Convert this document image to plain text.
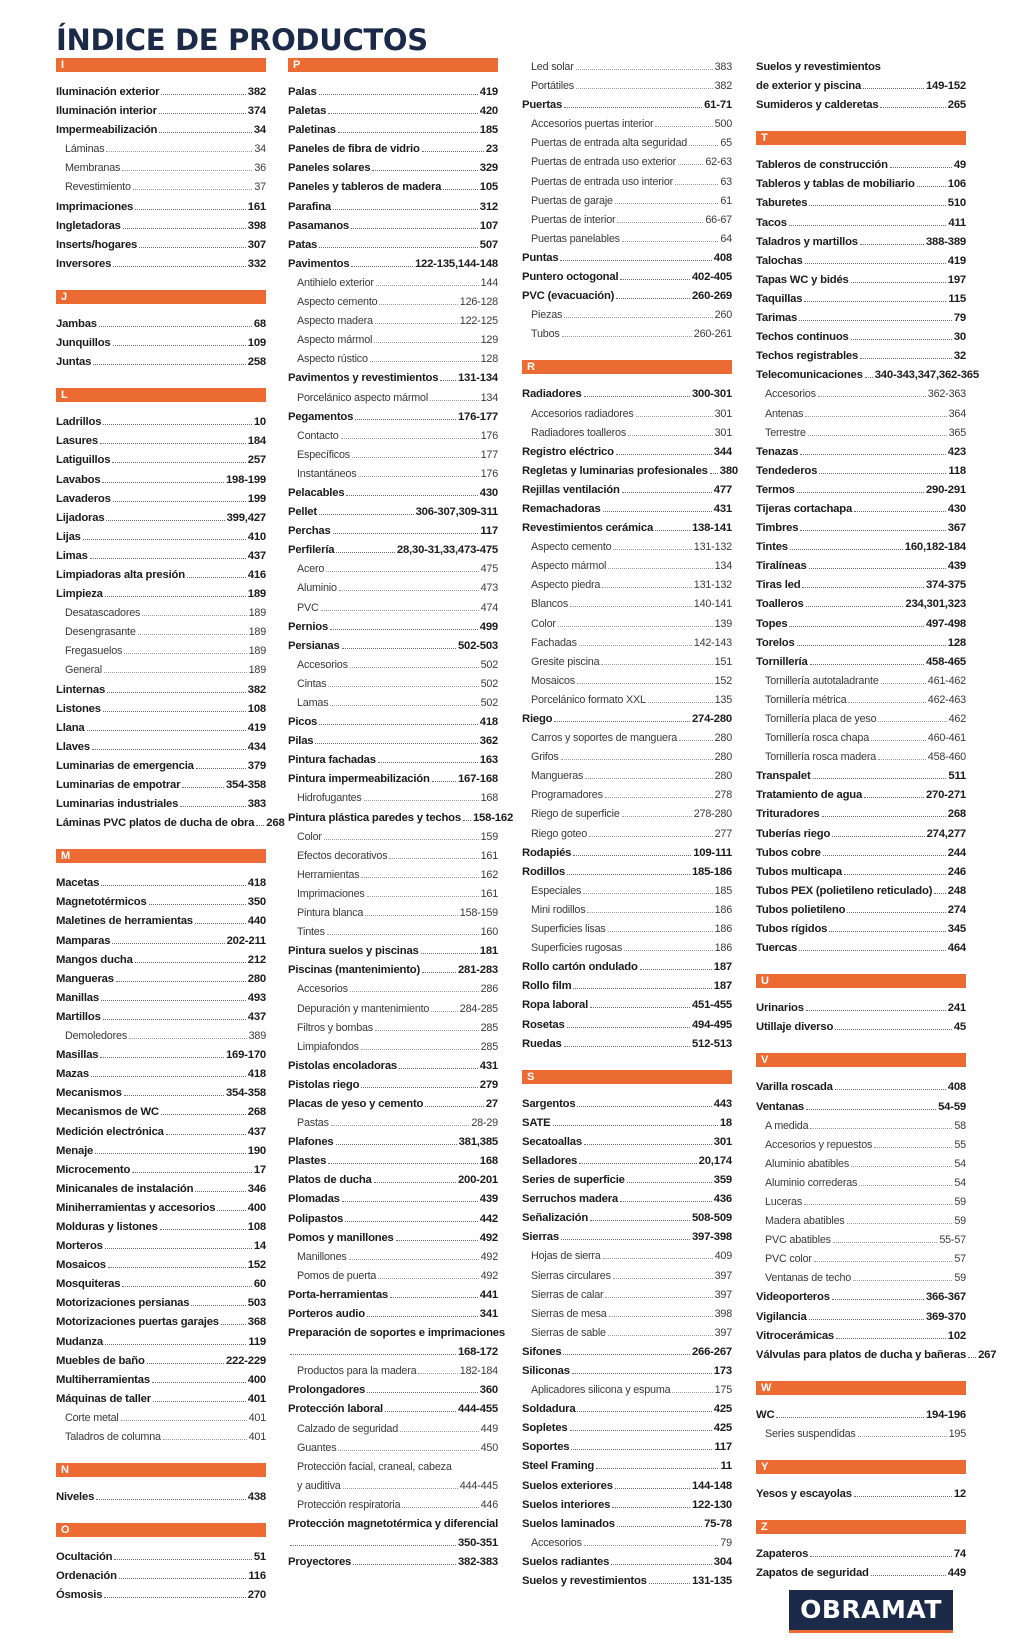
ÍNDICE DE PRODUCTOS
I
Iluminación exterior	382
Iluminación interior	374
Impermeabilización	34
Láminas	34
Membranas	36
Revestimiento	37
Imprimaciones	161
Ingletadoras	398
Inserts/hogares	307
Inversores	332
J
Jambas	68
Junquillos	109
Juntas	258
L
Ladrillos	10
Lasures	184
Latiguillos	257
Lavabos	198-199
Lavaderos	199
Lijadoras	399,427
Lijas	410
Limas	437
Limpiadoras alta presión	416
Limpieza	189
Desatascadores	189
Desengrasante	189
Fregasuelos	189
General	189
Linternas	382
Listones	108
Llana	419
Llaves	434
Luminarias de emergencia	379
Luminarias de empotrar	354-358
Luminarias industriales	383
Láminas PVC platos de ducha de obra 268
M
Macetas	418
Magnetotérmicos	350
Maletines de herramientas	440
Mamparas	202-211
Mangos ducha	212
Mangueras	280
Manillas	493
Martillos	437
Demoledores	389
Masillas	169-170
Mazas	418
Mecanismos	354-358
Mecanismos de WC	268
Medición electrónica	437
Menaje	190
Microcemento	17
Minicanales de instalación	346
Miniherramientas y accesorios	400
Molduras y listones	108
Morteros	14
Mosaicos	152
Mosquiteras	60
Motorizaciones persianas	503
Motorizaciones puertas garajes	368
Mudanza	119
Muebles de baño	222-229
Multiherramientas	400
Máquinas de taller	401
Corte metal	401
Taladros de columna	401
N
Niveles	438
O
Ocultación	51
Ordenación	116
Ósmosis	270
P
Palas	419
Paletas	420
Paletinas	185
Paneles de fibra de vidrio	23
Paneles solares	329
Paneles y tableros de madera	105
Parafina	312
Pasamanos	107
Patas	507
Pavimentos	122-135,144-148
Antihielo exterior	144
Aspecto cemento	126-128
Aspecto madera	122-125
Aspecto mármol	129
Aspecto rústico	128
Pavimentos y revestimientos 131-134
Porcelánico aspecto mármol	134
Pegamentos	176-177
Contacto	176
Específicos	177
Instantáneos	176
Pelacables	430
Pellet	306-307,309-311
Perchas	117
Perfilería	28,30-31,33,473-475
Acero	475
Aluminio	473
PVC	474
Pernios	499
Persianas	502-503
Accesorios	502
Cintas	502
Lamas	502
Picos	418
Pilas	362
Pintura fachadas	163
Pintura impermeabilización 167-168
Hidrofugantes	168
Pintura plástica paredes y techos 158-162
Color	159
Efectos decorativos	161
Herramientas	162
Imprimaciones	161
Pintura blanca	158-159
Tintes	160
Pintura suelos y piscinas	181
Piscinas (mantenimiento)	281-283
Accesorios	286
Depuración y mantenimiento	284-285
Filtros y bombas	285
Limpiafondos	285
Pistolas encoladoras	431
Pistolas riego	279
Placas de yeso y cemento	27
Pastas	28-29
Plafones	381,385
Plastes	168
Platos de ducha	200-201
Plomadas	439
Polipastos	442
Pomos y manillones	492
Manillones	492
Pomos de puerta	492
Porta-herramientas	441
Porteros audio	341
Preparación de soportes e imprimaciones
168-172
Productos para la madera	182-184
Prolongadores	360
Protección laboral	444-455
Calzado de seguridad	449
Guantes	450
Protección facial, craneal, cabeza
y auditiva	444-445
Protección respiratoria	446
Protección magnetotérmica y diferencial
350-351
Proyectores	382-383
Led solar	383
Portátiles	382
Puertas	61-71
Accesorios puertas interior	500
Puertas de entrada alta seguridad	65
Puertas de entrada uso exterior	62-63
Puertas de entrada uso interior	63
Puertas de garaje	61
Puertas de interior	66-67
Puertas panelables	64
Puntas	408
Puntero octogonal	402-405
PVC (evacuación)	260-269
Piezas	260
Tubos	260-261
R
Radiadores	300-301
Accesorios radiadores	301
Radiadores toalleros	301
Registro eléctrico	344
Regletas y luminarias profesionales 380
Rejillas ventilación	477
Remachadoras	431
Revestimientos cerámica	138-141
Aspecto cemento	131-132
Aspecto mármol	134
Aspecto piedra	131-132
Blancos	140-141
Color	139
Fachadas	142-143
Gresite piscina	151
Mosaicos	152
Porcelánico formato XXL	135
Riego	274-280
Carros y soportes de manguera	280
Grifos	280
Mangueras	280
Programadores	278
Riego de superficie	278-280
Riego goteo	277
Rodapiés	109-111
Rodillos	185-186
Especiales	185
Mini rodillos	186
Superficies lisas	186
Superficies rugosas	186
Rollo cartón ondulado	187
Rollo film	187
Ropa laboral	451-455
Rosetas	494-495
Ruedas	512-513
S
Sargentos	443
SATE	18
Secatoallas	301
Selladores	20,174
Series de superficie	359
Serruchos madera	436
Señalización	508-509
Sierras	397-398
Hojas de sierra	409
Sierras circulares	397
Sierras de calar	397
Sierras de mesa	398
Sierras de sable	397
Sifones	266-267
Siliconas	173
Aplicadores silicona y espuma	175
Soldadura	425
Sopletes	425
Soportes	117
Steel Framing	11
Suelos exteriores	144-148
Suelos interiores	122-130
Suelos laminados	75-78
Accesorios	79
Suelos radiantes	304
Suelos y revestimientos	131-135
Suelos y revestimientos
de exterior y piscina	149-152
Sumideros y calderetas	265
T
Tableros de construcción	49
Tableros y tablas de mobiliario	106
Taburetes	510
Tacos	411
Taladros y martillos	388-389
Talochas	419
Tapas WC y bidés	197
Taquillas	115
Tarimas	79
Techos continuos	30
Techos registrables	32
Telecomunicaciones 340-343,347,362-365
Accesorios	362-363
Antenas	364
Terrestre	365
Tenazas	423
Tendederos	118
Termos	290-291
Tijeras cortachapa	430
Timbres	367
Tintes	160,182-184
Tiralíneas	439
Tiras led	374-375
Toalleros	234,301,323
Topes	497-498
Torelos	128
Tornillería	458-465
Tornillería autotaladrante	461-462
Tornillería métrica	462-463
Tornillería placa de yeso	462
Tornillería rosca chapa	460-461
Tornillería rosca madera	458-460
Transpalet	511
Tratamiento de agua	270-271
Trituradores	268
Tuberías riego	274,277
Tubos cobre	244
Tubos multicapa	246
Tubos PEX (polietileno reticulado) 248
Tubos polietileno	274
Tubos rígidos	345
Tuercas	464
U
Urinarios	241
Utillaje diverso	45
V
Varilla roscada	408
Ventanas	54-59
A medida	58
Accesorios y repuestos	55
Aluminio abatibles	54
Aluminio correderas	54
Luceras	59
Madera abatibles	59
PVC abatibles	55-57
PVC color	57
Ventanas de techo	59
Videoporteros	366-367
Vigilancia	369-370
Vitrocerámicas	102
Válvulas para platos de ducha y bañeras 267
W
WC	194-196
Series suspendidas	195
Y
Yesos y escayolas	12
Z
Zapateros	74
Zapatos de seguridad	449
OBRAMAT
